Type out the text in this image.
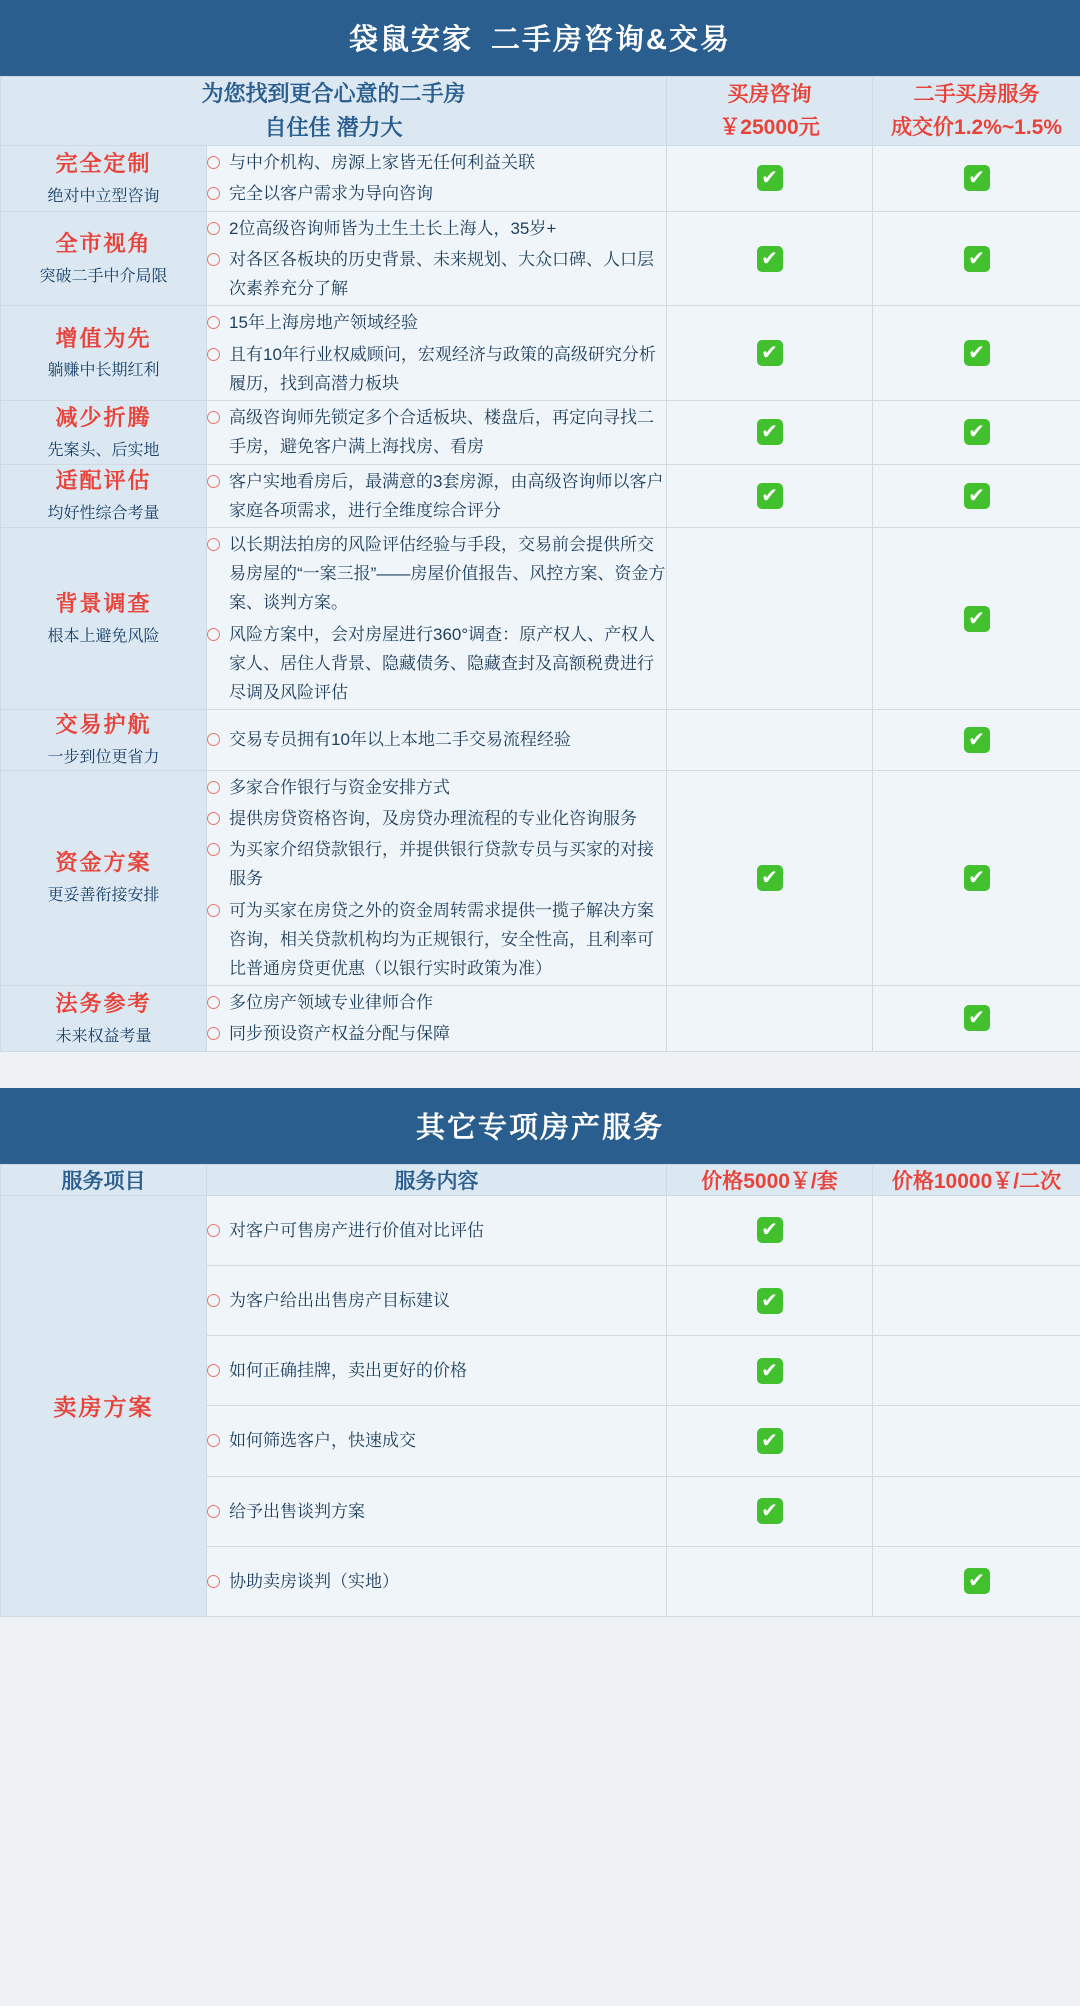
袋鼠安家 二手房咨询&交易
为您找到更合心意的二手房
自住佳 潜力大

买房咨询
￥25000元

二手买房服务
成交价1.2%~1.5%

完全定制
绝对中立型咨询

与中介机构、房源上家皆无任何利益关联
完全以客户需求为导向咨询
	✔	✔

全市视角
突破二手中介局限

2位高级咨询师皆为土生土长上海人，35岁+
对各区各板块的历史背景、未来规划、大众口碑、人口层次素养充分了解
	✔	✔

增值为先
躺赚中长期红利

15年上海房地产领域经验
且有10年行业权威顾问，宏观经济与政策的高级研究分析履历，找到高潜力板块
	✔	✔

减少折腾
先案头、后实地	高级咨询师先锁定多个合适板块、楼盘后，再定向寻找二手房，避免客户满上海找房、看房	✔	✔

适配评估
均好性综合考量	客户实地看房后，最满意的3套房源，由高级咨询师以客户家庭各项需求，进行全维度综合评分	✔	✔

背景调查
根本上避免风险

以长期法拍房的风险评估经验与手段，交易前会提供所交易房屋的“一案三报”——房屋价值报告、风控方案、资金方案、谈判方案。
风险方案中，会对房屋进行360°调查：原产权人、产权人家人、居住人背景、隐藏债务、隐藏查封及高额税费进行尽调及风险评估
		✔

交易护航
一步到位更省力	交易专员拥有10年以上本地二手交易流程经验		✔

资金方案
更妥善衔接安排

多家合作银行与资金安排方式
提供房贷资格咨询，及房贷办理流程的专业化咨询服务
为买家介绍贷款银行，并提供银行贷款专员与买家的对接服务
可为买家在房贷之外的资金周转需求提供一揽子解决方案咨询，相关贷款机构均为正规银行，安全性高，且利率可比普通房贷更优惠（以银行实时政策为准）
	✔	✔

法务参考
未来权益考量

多位房产领域专业律师合作
同步预设资产权益分配与保障
		✔
其它专项房产服务
服务项目	服务内容	价格5000￥/套	价格10000￥/二次
卖房方案	对客户可售房产进行价值对比评估	✔	

	为客户给出出售房产目标建议	✔	

	如何正确挂牌，卖出更好的价格	✔	

	如何筛选客户，快速成交	✔	

	给予出售谈判方案	✔	

	协助卖房谈判（实地）		✔
